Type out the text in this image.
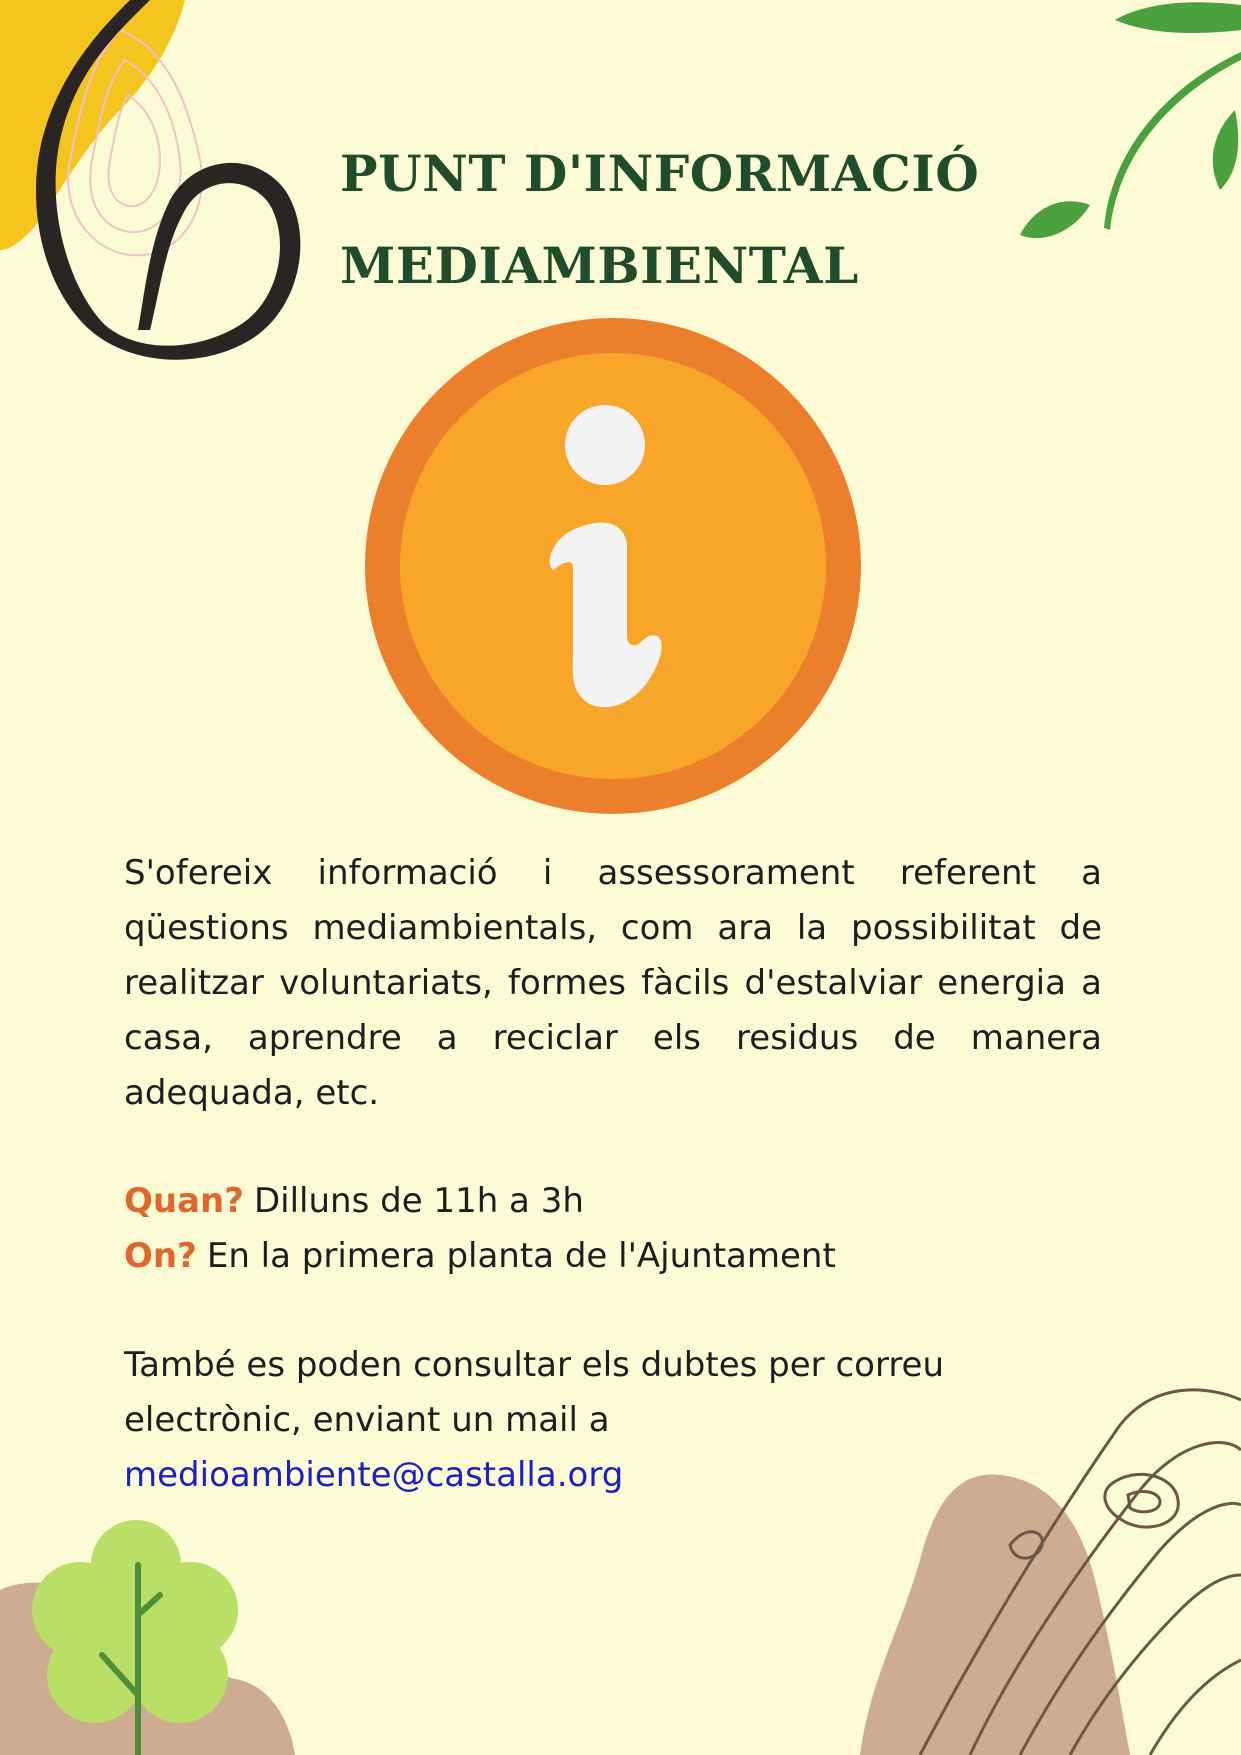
PUNT D'INFORMACIÓ
MEDIAMBIENTAL

S'ofereix informació i assessorament referent a qüestions mediambientals, com ara la possibilitat de realitzar voluntariats, formes fàcils d'estalviar energia a casa, aprendre a reciclar els residus de manera adequada, etc.

Quan? Dilluns de 11h a 3h
On? En la primera planta de l'Ajuntament
També es poden consultar els dubtes per correu electrònic, enviant un mail a
medioambiente@castalla.org
